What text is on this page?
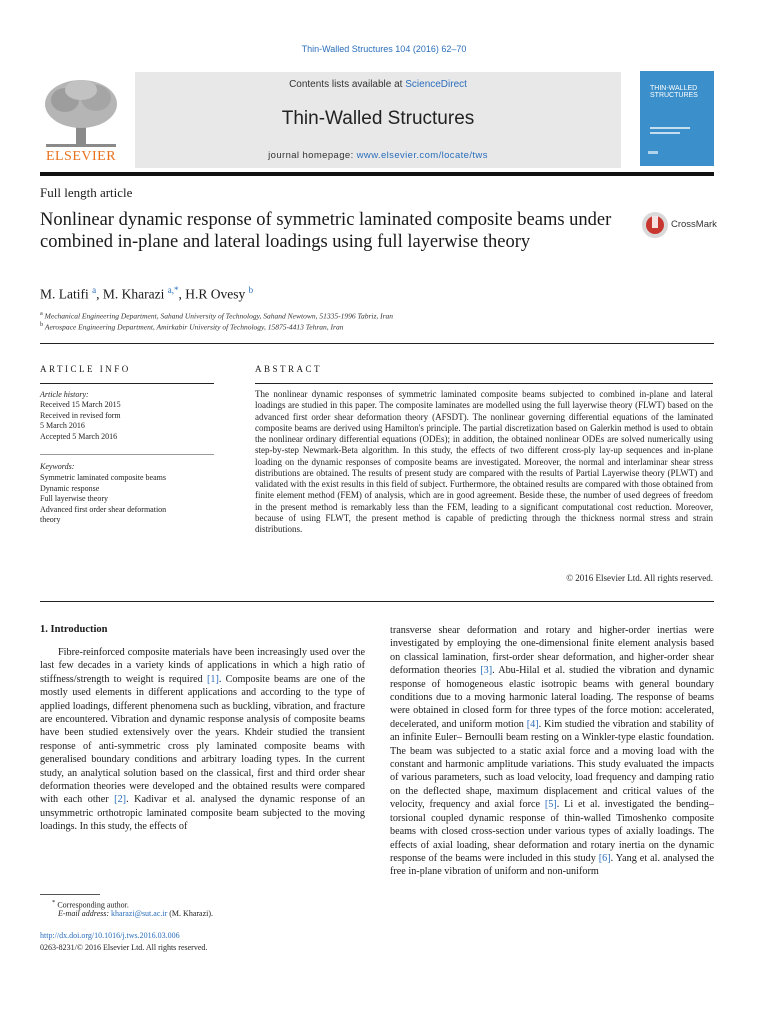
Thin-Walled Structures 104 (2016) 62–70
ELSEVIER
Contents lists available at ScienceDirect
Thin-Walled Structures
journal homepage: www.elsevier.com/locate/tws
THIN-WALLED STRUCTURES
Full length article
Nonlinear dynamic response of symmetric laminated composite beams under combined in-plane and lateral loadings using full layerwise theory
CrossMark
M. Latifi $^a$, M. Kharazi $^{a,*}$, H.R Ovesy $^b$
$^a$ Mechanical Engineering Department, Sahand University of Technology, Sahand Newtown, 51335-1996 Tabriz, Iran
$^b$ Aerospace Engineering Department, Amirkabir University of Technology, 15875-4413 Tehran, Iran
ARTICLE INFO
Article history:
Received 15 March 2015
Received in revised form
5 March 2016
Accepted 5 March 2016
Keywords:
Symmetric laminated composite beams
Dynamic response
Full layerwise theory
Advanced first order shear deformation
theory
ABSTRACT
The nonlinear dynamic responses of symmetric laminated composite beams subjected to combined in-plane and lateral loadings are studied in this paper. The composite laminates are modelled using the full layerwise theory (FLWT) based on the advanced first order shear deformation theory (AFSDT). The nonlinear governing differential equations of the laminated composite beams are derived using Hamilton's principle. The partial discretization based on Galerkin method is used to obtain the nonlinear ordinary differential equations (ODEs); in addition, the obtained nonlinear ODEs are solved numerically using step-by-step Newmark-Beta algorithm. In this study, the effects of two different cross-ply lay-up sequences and in-plane loading on the dynamic responses of composite beams are investigated. Moreover, the normal and interlaminar shear stress distributions are obtained. The results of present study are compared with the results of Partial Layerwise theory (PLWT) and validated with the exist results in this field of subject. Furthermore, the obtained results are compared with those obtained from finite element method (FEM) of analysis, which are in good agreement. Beside these, the number of used degrees of freedom in the present method is remarkably less than the FEM, leading to a significant computational cost reduction. Moreover, because of using FLWT, the present method is capable of predicting through the thickness normal stress and strain distributions.
© 2016 Elsevier Ltd. All rights reserved.
1. Introduction
Fibre-reinforced composite materials have been increasingly used over the last few decades in a variety kinds of applications in which a high ratio of stiffness/strength to weight is required [1]. Composite beams are one of the mostly used elements in different applications and according to the type of applied loadings, different phenomena such as buckling, vibration, and fracture are encountered. Vibration and dynamic response analysis of composite beams have been studied extensively over the years. Khdeir studied the transient response of anti-symmetric cross ply laminated composite beams with generalised boundary conditions and arbitrary loading types. In the current study, an analytical solution based on the classical, first and third order shear deformation theories were developed and the obtained results were compared with each other [2]. Kadivar et al. analysed the dynamic response of an unsymmetric orthotropic laminated composite beam subjected to the moving loadings. In this study, the effects of
transverse shear deformation and rotary and higher-order inertias were investigated by employing the one-dimensional finite element analysis based on classical lamination, first-order shear deformation, and higher-order shear deformation theories [3]. Abu-Hilal et al. studied the vibration and dynamic response of homogeneous elastic isotropic beams with general boundary conditions due to a moving harmonic lateral loading. The response of beams were obtained in closed form for three types of the force motion: accelerated, decelerated, and uniform motion [4]. Kim studied the vibration and stability of an infinite Euler– Bernoulli beam resting on a Winkler-type elastic foundation. The beam was subjected to a static axial force and a moving load with the constant and harmonic amplitude variations. This study evaluated the impacts of various parameters, such as load velocity, load frequency and damping ratio on the deflected shape, maximum displacement and critical values of the velocity, frequency and axial force [5]. Li et al. investigated the bending–torsional coupled dynamic response of thin-walled Timoshenko composite beams with closed cross-section under various types of axially loadings. The effects of axial loading, shear deformation and rotary inertia on the dynamic response of the beams were included in this study [6]. Yang et al. analysed the free in-plane vibration of uniform and non-uniform
* Corresponding author.
E-mail address: kharazi@sut.ac.ir (M. Kharazi).
http://dx.doi.org/10.1016/j.tws.2016.03.006
0263-8231/© 2016 Elsevier Ltd. All rights reserved.
